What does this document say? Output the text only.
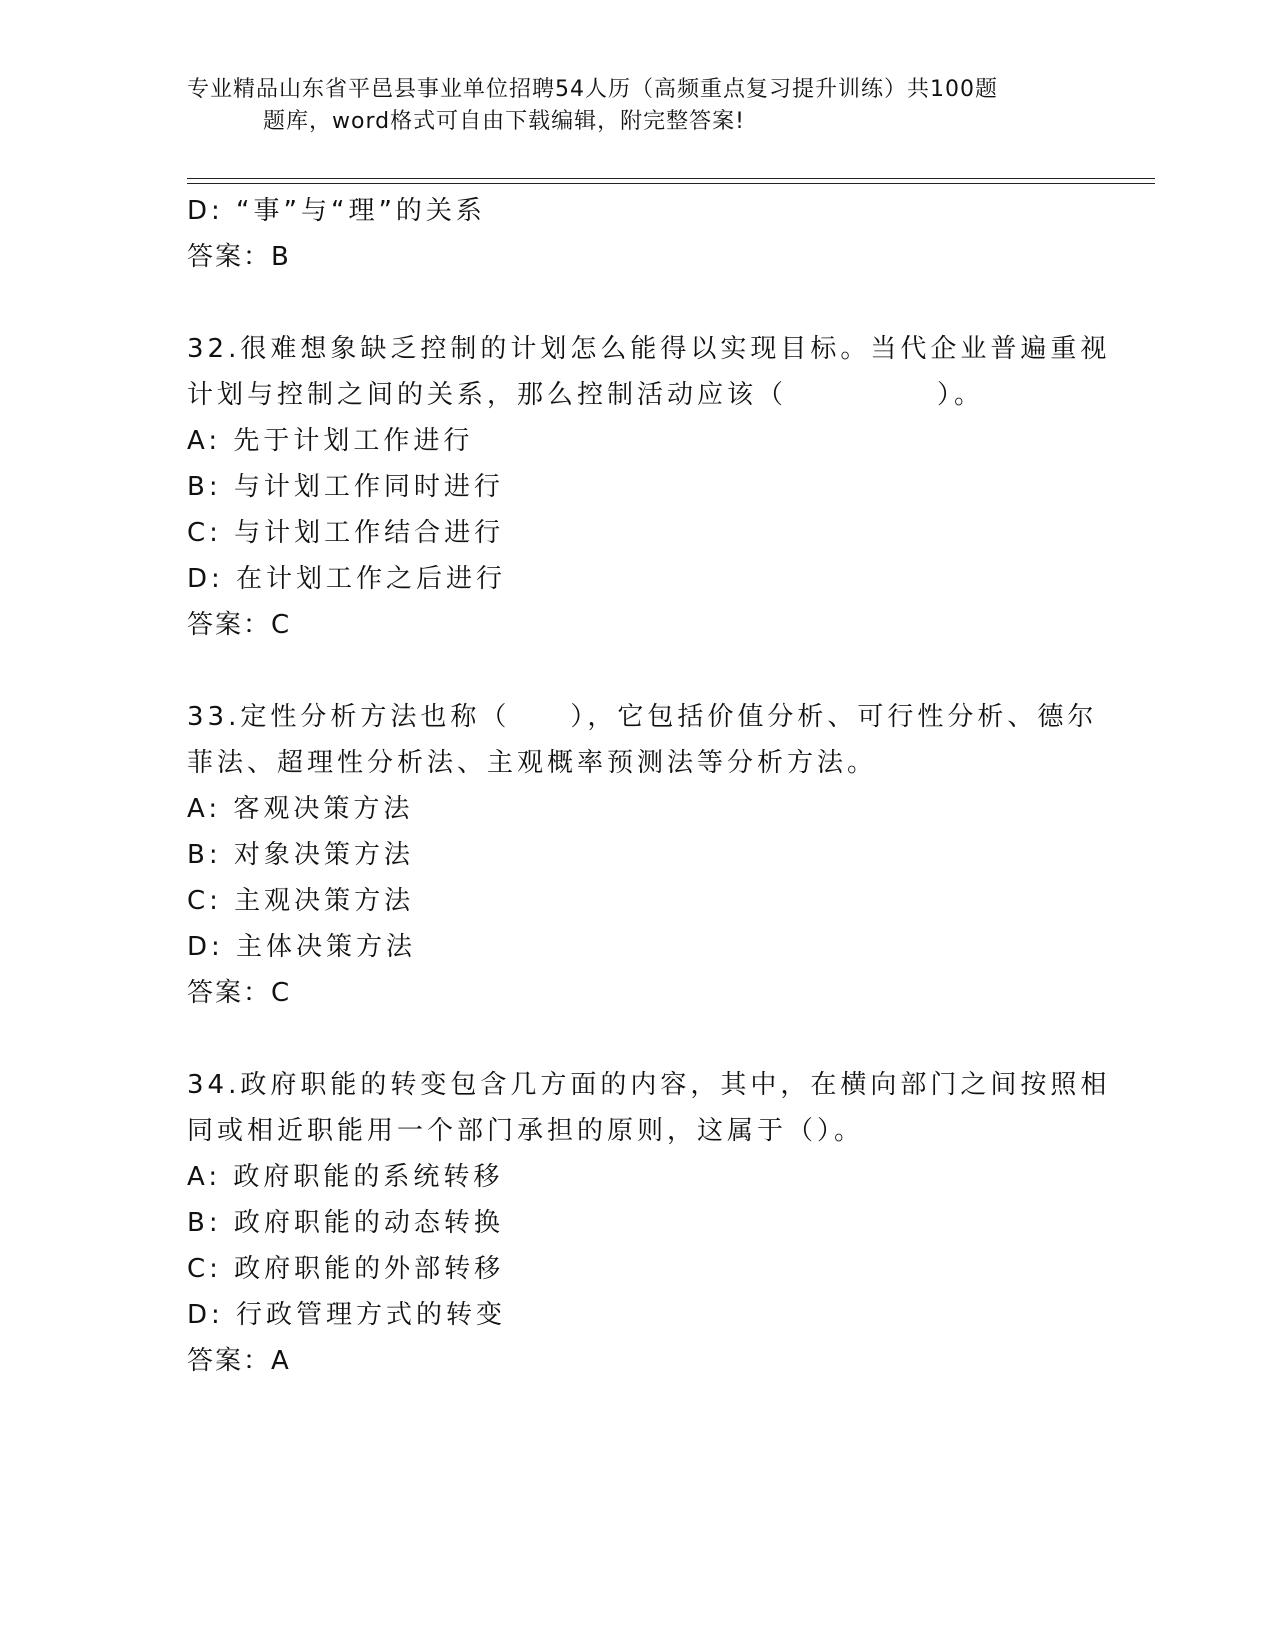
专业精品山东省平邑县事业单位招聘54人历（高频重点复习提升训练）共100题
题库，word格式可自由下载编辑，附完整答案!
D: “事”与“理”的关系
答案：B
32.很难想象缺乏控制的计划怎么能得以实现目标。当代企业普遍重视
计划与控制之间的关系，那么控制活动应该（　　　　　）。
A: 先于计划工作进行
B: 与计划工作同时进行
C: 与计划工作结合进行
D: 在计划工作之后进行
答案：C
33.定性分析方法也称（　　），它包括价值分析、可行性分析、德尔
菲法、超理性分析法、主观概率预测法等分析方法。
A: 客观决策方法
B: 对象决策方法
C: 主观决策方法
D: 主体决策方法
答案：C
34.政府职能的转变包含几方面的内容，其中，在横向部门之间按照相
同或相近职能用一个部门承担的原则，这属于（）。
A: 政府职能的系统转移
B: 政府职能的动态转换
C: 政府职能的外部转移
D: 行政管理方式的转变
答案：A
